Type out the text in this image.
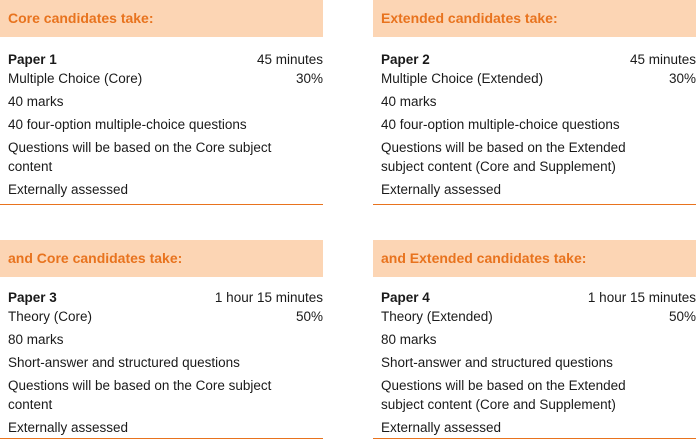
Core candidates take:
Paper 1	45 minutes
Multiple Choice (Core)	30%
40 marks
40 four-option multiple-choice questions
Questions will be based on the Core subject
content
Externally assessed
Extended candidates take:
Paper 2	45 minutes
Multiple Choice (Extended)	30%
40 marks
40 four-option multiple-choice questions
Questions will be based on the Extended
subject content (Core and Supplement)
Externally assessed
and Core candidates take:
Paper 3	1 hour 15 minutes
Theory (Core)	50%
80 marks
Short-answer and structured questions
Questions will be based on the Core subject
content
Externally assessed
and Extended candidates take:
Paper 4	1 hour 15 minutes
Theory (Extended)	50%
80 marks
Short-answer and structured questions
Questions will be based on the Extended
subject content (Core and Supplement)
Externally assessed
